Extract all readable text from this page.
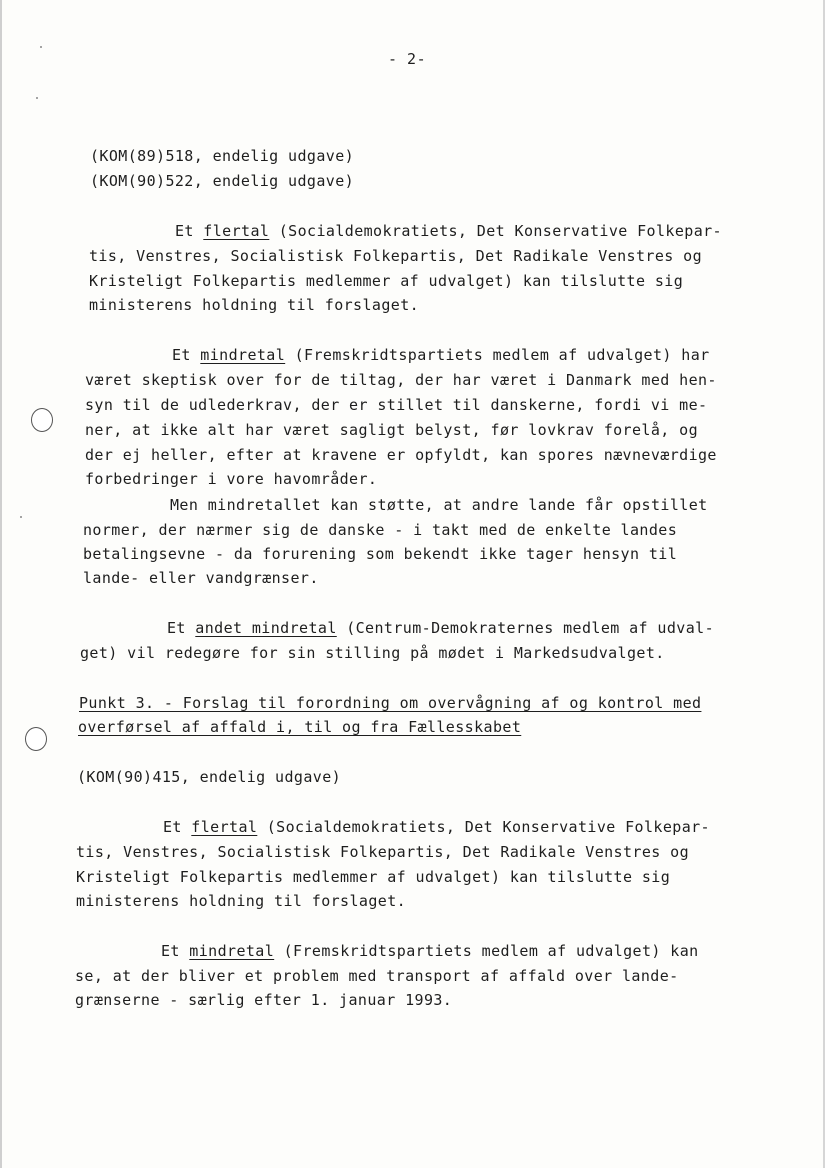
- 2-
(KOM(89)518, endelig udgave)
(KOM(90)522, endelig udgave)
Et flertal (Socialdemokratiets, Det Konservative Folkepar-
tis, Venstres, Socialistisk Folkepartis, Det Radikale Venstres og
Kristeligt Folkepartis medlemmer af udvalget) kan tilslutte sig
ministerens holdning til forslaget.
Et mindretal (Fremskridtspartiets medlem af udvalget) har
været skeptisk over for de tiltag, der har været i Danmark med hen-
syn til de udlederkrav, der er stillet til danskerne, fordi vi me-
ner, at ikke alt har været sagligt belyst, før lovkrav forelå, og
der ej heller, efter at kravene er opfyldt, kan spores nævneværdige
forbedringer i vore havområder.
Men mindretallet kan støtte, at andre lande får opstillet
normer, der nærmer sig de danske - i takt med de enkelte landes
betalingsevne - da forurening som bekendt ikke tager hensyn til
lande- eller vandgrænser.
Et andet mindretal (Centrum-Demokraternes medlem af udval-
get) vil redegøre for sin stilling på mødet i Markedsudvalget.
Punkt 3. - Forslag til forordning om overvågning af og kontrol med
overførsel af affald i, til og fra Fællesskabet
(KOM(90)415, endelig udgave)
Et flertal (Socialdemokratiets, Det Konservative Folkepar-
tis, Venstres, Socialistisk Folkepartis, Det Radikale Venstres og
Kristeligt Folkepartis medlemmer af udvalget) kan tilslutte sig
ministerens holdning til forslaget.
Et mindretal (Fremskridtspartiets medlem af udvalget) kan
se, at der bliver et problem med transport af affald over lande-
grænserne - særlig efter 1. januar 1993.
